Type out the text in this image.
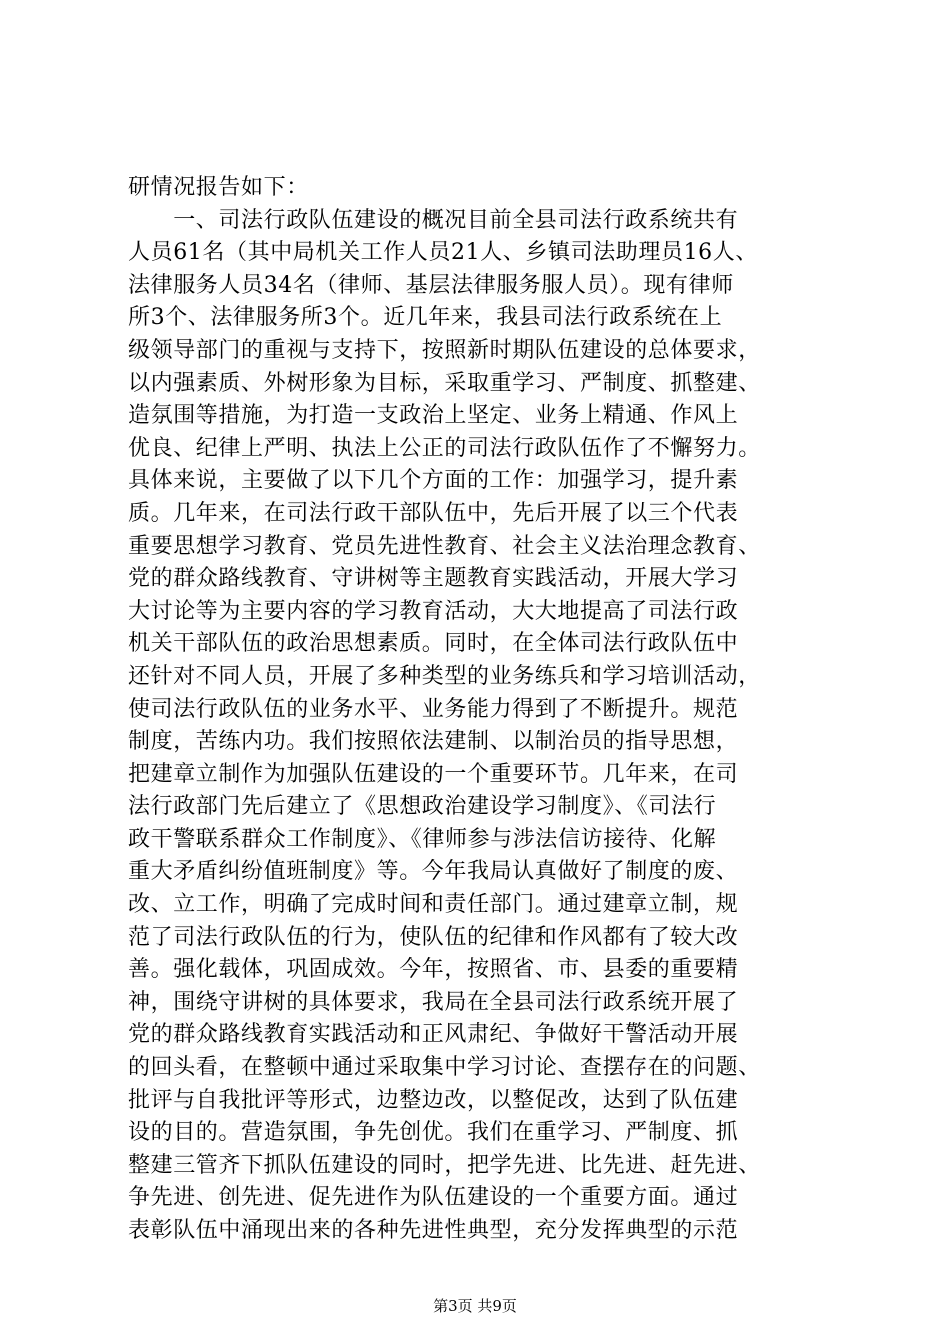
研情况报告如下：
　　一、司法行政队伍建设的概况目前全县司法行政系统共有
人员61名（其中局机关工作人员21人、乡镇司法助理员16人、
法律服务人员34名（律师、基层法律服务服人员）。现有律师
所3个、法律服务所3个。近几年来，我县司法行政系统在上
级领导部门的重视与支持下，按照新时期队伍建设的总体要求，
以内强素质、外树形象为目标，采取重学习、严制度、抓整建、
造氛围等措施，为打造一支政治上坚定、业务上精通、作风上
优良、纪律上严明、执法上公正的司法行政队伍作了不懈努力。
具体来说，主要做了以下几个方面的工作：加强学习，提升素
质。几年来，在司法行政干部队伍中，先后开展了以三个代表
重要思想学习教育、党员先进性教育、社会主义法治理念教育、
党的群众路线教育、守讲树等主题教育实践活动，开展大学习
大讨论等为主要内容的学习教育活动，大大地提高了司法行政
机关干部队伍的政治思想素质。同时，在全体司法行政队伍中
还针对不同人员，开展了多种类型的业务练兵和学习培训活动，
使司法行政队伍的业务水平、业务能力得到了不断提升。规范
制度，苦练内功。我们按照依法建制、以制治员的指导思想，
把建章立制作为加强队伍建设的一个重要环节。几年来，在司
法行政部门先后建立了《思想政治建设学习制度》、《司法行
政干警联系群众工作制度》、《律师参与涉法信访接待、化解
重大矛盾纠纷值班制度》等。今年我局认真做好了制度的废、
改、立工作，明确了完成时间和责任部门。通过建章立制，规
范了司法行政队伍的行为，使队伍的纪律和作风都有了较大改
善。强化载体，巩固成效。今年，按照省、市、县委的重要精
神，围绕守讲树的具体要求，我局在全县司法行政系统开展了
党的群众路线教育实践活动和正风肃纪、争做好干警活动开展
的回头看，在整顿中通过采取集中学习讨论、查摆存在的问题、
批评与自我批评等形式，边整边改，以整促改，达到了队伍建
设的目的。营造氛围，争先创优。我们在重学习、严制度、抓
整建三管齐下抓队伍建设的同时，把学先进、比先进、赶先进、
争先进、创先进、促先进作为队伍建设的一个重要方面。通过
表彰队伍中涌现出来的各种先进性典型，充分发挥典型的示范
第3页 共9页
